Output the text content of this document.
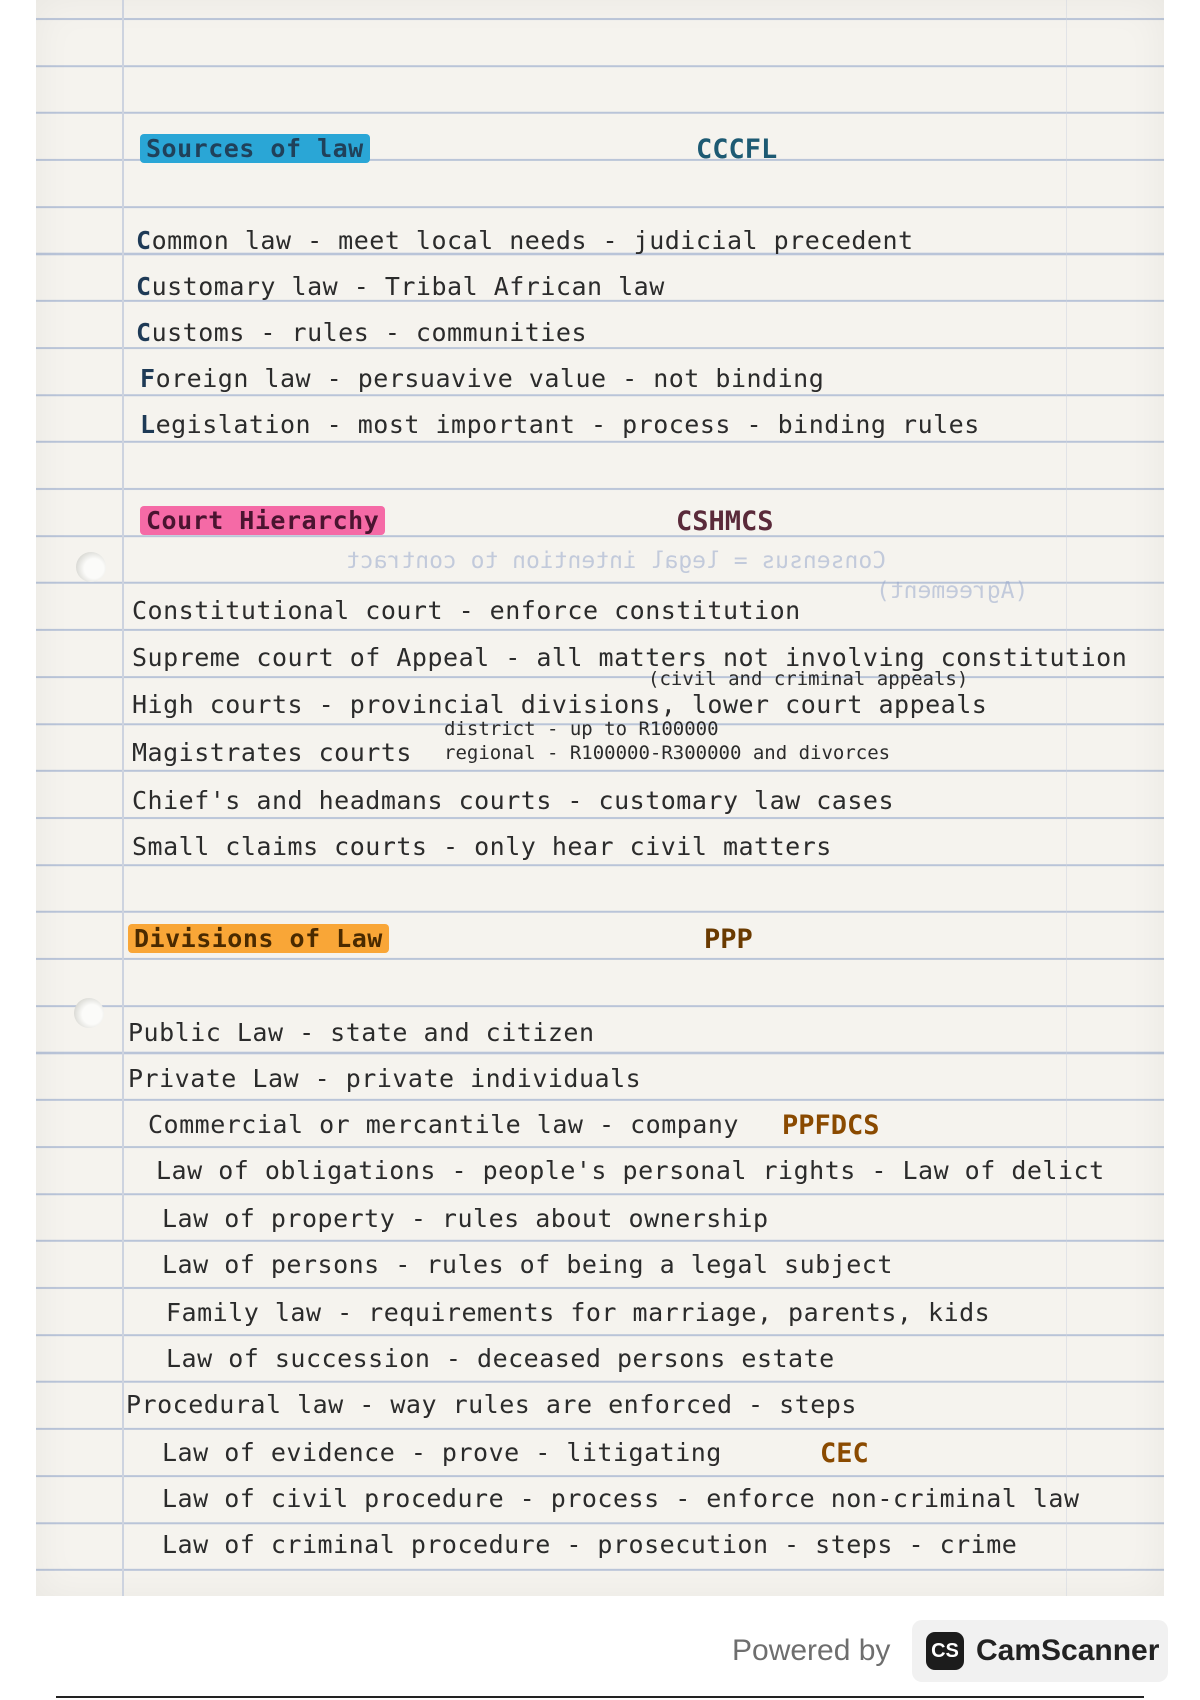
Consensus = legal intention to contract
(Agreement)
Sources of law	CCCFL
Common law - meet local needs - judicial precedent
Customary law - Tribal African law
Customs - rules - communities
Foreign law - persuavive value - not binding
Legislation - most important - process - binding rules
Court Hierarchy	CSHMCS
Constitutional court - enforce constitution
Supreme court of Appeal - all matters not involving constitution
(civil and criminal appeals)
High courts - provincial divisions, lower court appeals
Magistrates courts
district - up to R100000
regional - R100000-R300000 and divorces
Chief's and headmans courts - customary law cases
Small claims courts - only hear civil matters
Divisions of Law	PPP
Public Law - state and citizen
Private Law - private individuals
Commercial or mercantile law - company PPFDCS
Law of obligations - people's personal rights - Law of delict
Law of property - rules about ownership
Law of persons - rules of being a legal subject
Family law - requirements for marriage, parents, kids
Law of succession - deceased persons estate
Procedural law - way rules are enforced - steps
Law of evidence - prove - litigating	CEC
Law of civil procedure - process - enforce non-criminal law
Law of criminal procedure - prosecution - steps - crime
Powered by CS CamScanner
